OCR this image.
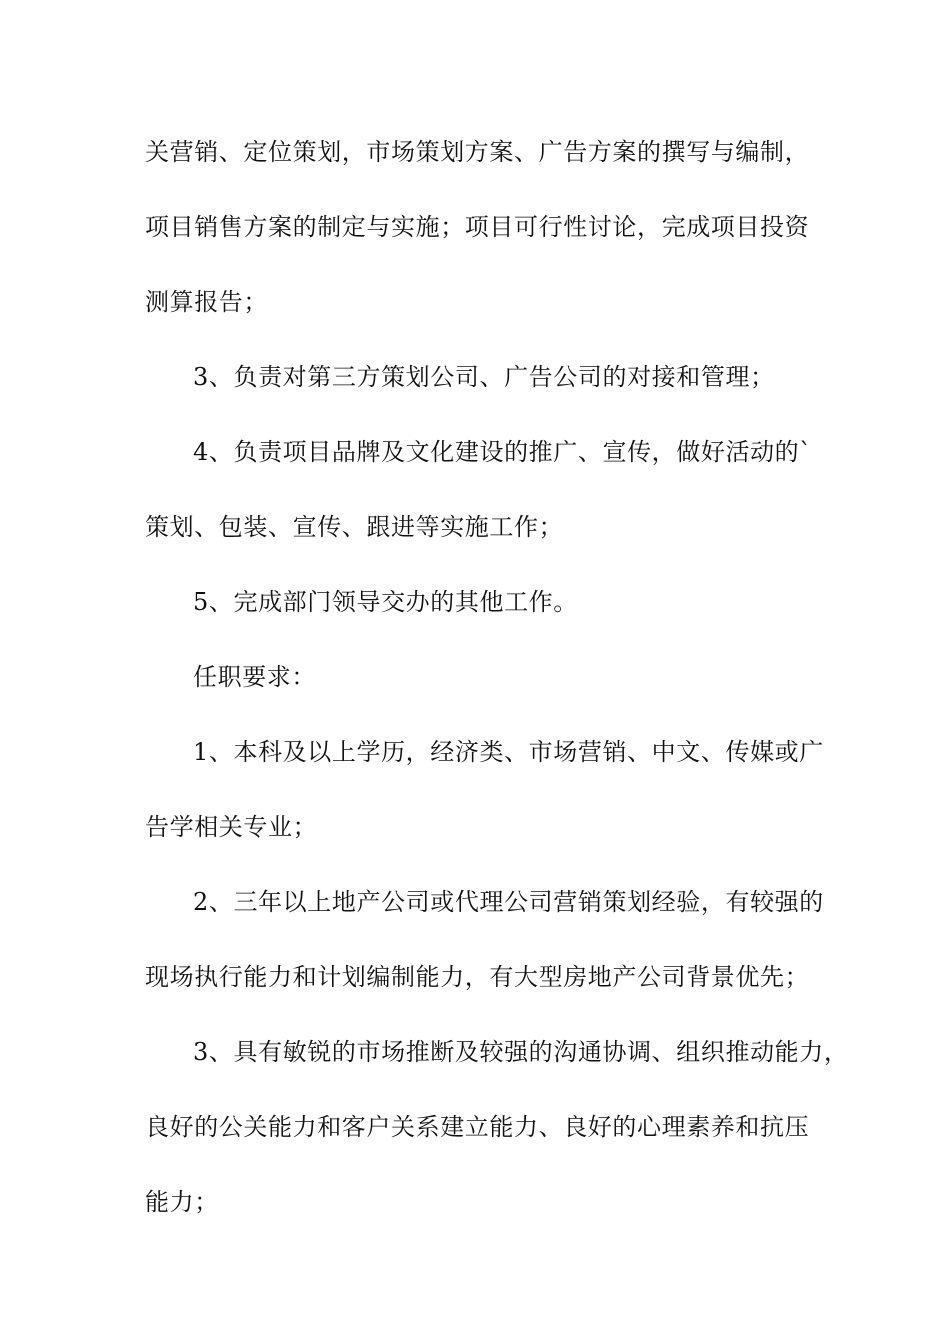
关营销、定位策划，市场策划方案、广告方案的撰写与编制，
项目销售方案的制定与实施；项目可行性讨论，完成项目投资
测算报告；
3、负责对第三方策划公司、广告公司的对接和管理；
4、负责项目品牌及文化建设的推广、宣传，做好活动的`
策划、包装、宣传、跟进等实施工作；
5、完成部门领导交办的其他工作。
任职要求：
1、本科及以上学历，经济类、市场营销、中文、传媒或广
告学相关专业；
2、三年以上地产公司或代理公司营销策划经验，有较强的
现场执行能力和计划编制能力，有大型房地产公司背景优先；
3、具有敏锐的市场推断及较强的沟通协调、组织推动能力，
良好的公关能力和客户关系建立能力、良好的心理素养和抗压
能力；
